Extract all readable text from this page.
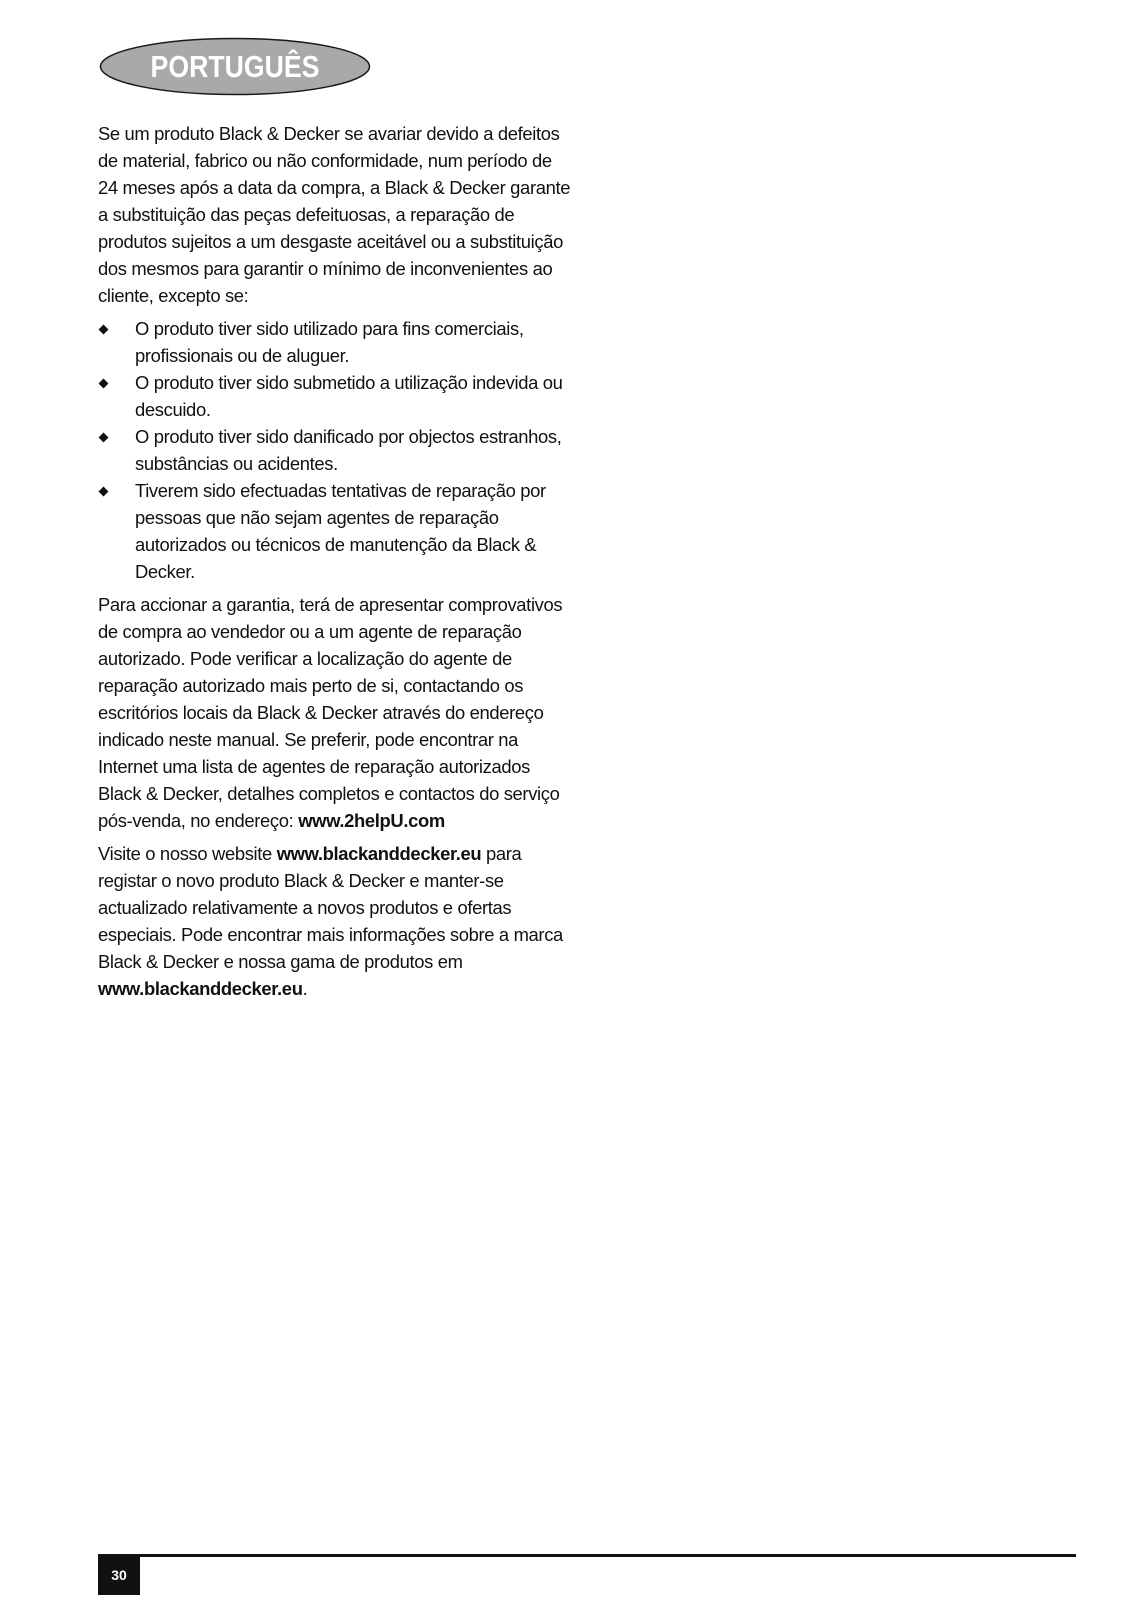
PORTUGUÊS

Se um produto Black & Decker se avariar devido a defeitos de material, fabrico ou não conformidade, num período de 24 meses após a data da compra, a Black & Decker garante a substituição das peças defeituosas, a reparação de produtos sujeitos a um desgaste aceitável ou a substituição dos mesmos para garantir o mínimo de inconvenientes ao cliente, excepto se:

O produto tiver sido utilizado para fins comerciais, profissionais ou de aluguer.
O produto tiver sido submetido a utilização indevida ou descuido.
O produto tiver sido danificado por objectos estranhos, substâncias ou acidentes.
Tiverem sido efectuadas tentativas de reparação por pessoas que não sejam agentes de reparação autorizados ou técnicos de manutenção da Black & Decker.

Para accionar a garantia, terá de apresentar comprovativos de compra ao vendedor ou a um agente de reparação autorizado. Pode verificar a localização do agente de reparação autorizado mais perto de si, contactando os escritórios locais da Black & Decker através do endereço indicado neste manual. Se preferir, pode encontrar na Internet uma lista de agentes de reparação autorizados Black & Decker, detalhes completos e contactos do serviço pós-venda, no endereço: www.2helpU.com

Visite o nosso website www.blackanddecker.eu para registar o novo produto Black & Decker e manter-se actualizado relativamente a novos produtos e ofertas especiais. Pode encontrar mais informações sobre a marca Black & Decker e nossa gama de produtos em www.blackanddecker.eu.

30
